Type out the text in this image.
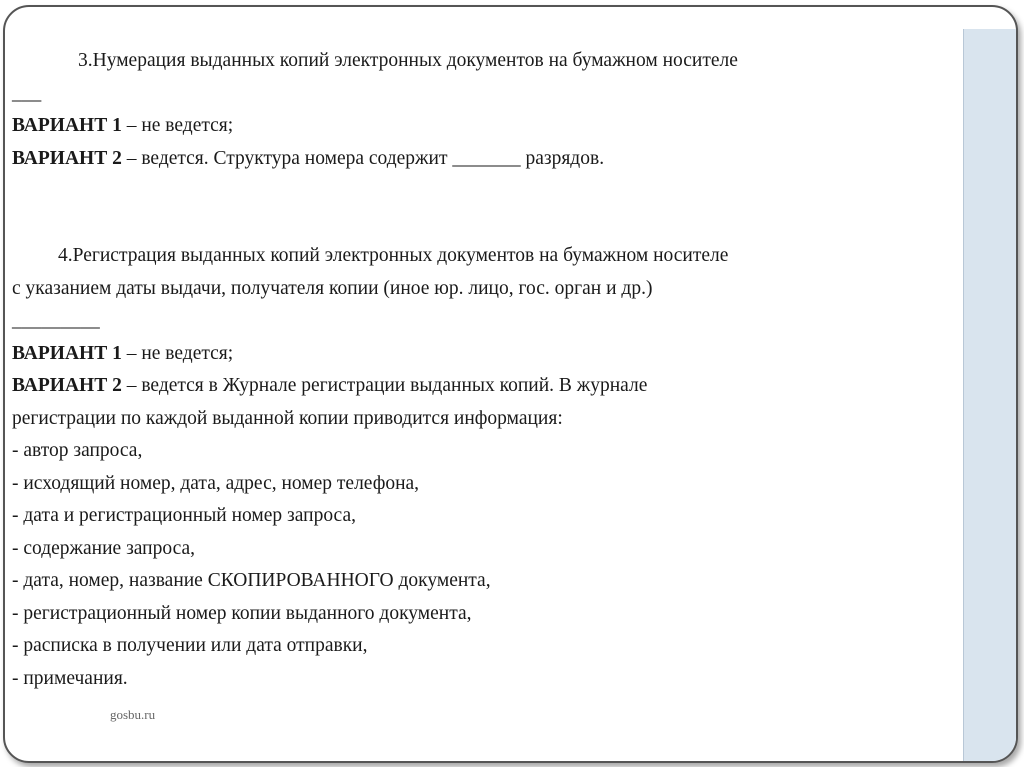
3.Нумерация выданных копий электронных документов на бумажном носителе
___
ВАРИАНТ 1 – не ведется;
ВАРИАНТ 2 – ведется. Структура номера содержит _______ разрядов.
4.Регистрация выданных копий электронных документов на бумажном носителе
с указанием даты выдачи, получателя копии (иное юр. лицо, гос. орган и др.)
_________
ВАРИАНТ 1 – не ведется;
ВАРИАНТ 2 – ведется в Журнале регистрации выданных копий. В журнале
регистрации по каждой выданной копии приводится информация:
- автор запроса,
- исходящий номер, дата, адрес, номер телефона,
- дата и регистрационный номер запроса,
- содержание запроса,
- дата, номер, название СКОПИРОВАННОГО документа,
- регистрационный номер копии выданного документа,
- расписка в получении или дата отправки,
- примечания.
gosbu.ru
